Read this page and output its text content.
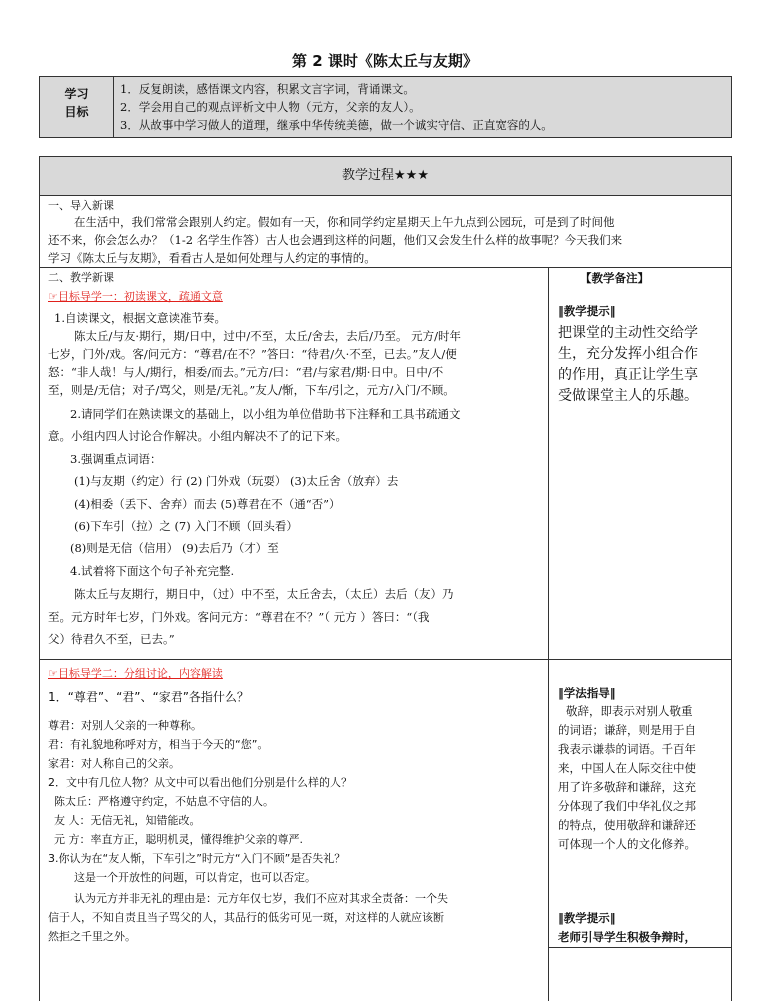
第 2 课时《陈太丘与友期》
学习
目标
1．反复朗读，感悟课文内容，积累文言字词，背诵课文。
2．学会用自己的观点评析文中人物（元方，父亲的友人）。
3．从故事中学习做人的道理，继承中华传统美德，做一个诚实守信、正直宽容的人。
教学过程★★★
一、导入新课
在生活中，我们常常会跟别人约定。假如有一天，你和同学约定星期天上午九点到公园玩，可是到了时间他
还不来，你会怎么办？（1-2 名学生作答）古人也会遇到这样的问题，他们又会发生什么样的故事呢？今天我们来
学习《陈太丘与友期》，看看古人是如何处理与人约定的事情的。
二、教学新课
☞目标导学一：初读课文，疏通文意
1.自读课文，根据文意读准节奏。
陈太丘/与友·期行，期/日中，过中/不至，太丘/舍去，去后/乃至。 元方/时年
七岁，门外/戏。客/问元方：“尊君/在不？”答曰：“待君/久·不至，已去。”友人/便
怒：“非人哉！与人/期行，相委/而去。”元方/曰：“君/与家君/期·日中。日中/不
至，则是/无信；对子/骂父，则是/无礼。”友人/惭，下车/引之，元方/入门/不顾。
2.请同学们在熟读课文的基础上，以小组为单位借助书下注释和工具书疏通文
意。小组内四人讨论合作解决。小组内解决不了的记下来。
3.强调重点词语：
(1)与友期（约定）行 (2) 门外戏（玩耍） (3)太丘舍（放弃）去
(4)相委（丢下、舍弃）而去 (5)尊君在不（通“否”）
(6)下车引（拉）之 (7) 入门不顾（回头看）
(8)则是无信（信用） (9)去后乃（才）至
4.试着将下面这个句子补充完整.
陈太丘与友期行，期日中，（过）中不至，太丘舍去，（太丘）去后（友）乃
至。元方时年七岁，门外戏。客问元方：“尊君在不？”（ 元方 ）答曰：“（我
父）待君久不至，已去。”
【教学备注】
‖教学提示‖
把课堂的主动性交给学
生，充分发挥小组合作
的作用，真正让学生享
受做课堂主人的乐趣。
☞目标导学二：分组讨论，内容解读
1．“尊君”、“君”、“家君”各指什么？
尊君：对别人父亲的一种尊称。
君：有礼貌地称呼对方，相当于今天的“您”。
家君：对人称自己的父亲。
2．文中有几位人物？从文中可以看出他们分别是什么样的人？
陈太丘：严格遵守约定，不姑息不守信的人。
友 人：无信无礼，知错能改。
元 方：率直方正，聪明机灵，懂得维护父亲的尊严.
3.你认为在“友人惭，下车引之”时元方“入门不顾”是否失礼？
这是一个开放性的问题，可以肯定，也可以否定。
认为元方并非无礼的理由是：元方年仅七岁，我们不应对其求全责备：一个失
信于人，不知自责且当子骂父的人，其品行的低劣可见一斑，对这样的人就应该断
然拒之千里之外。
‖学法指导‖
敬辞，即表示对别人敬重
的词语；谦辞，则是用于自
我表示谦恭的词语。千百年
来，中国人在人际交往中使
用了许多敬辞和谦辞，这充
分体现了我们中华礼仪之邦
的特点，使用敬辞和谦辞还
可体现一个人的文化修养。
‖教学提示‖
老师引导学生积极争辩时，
